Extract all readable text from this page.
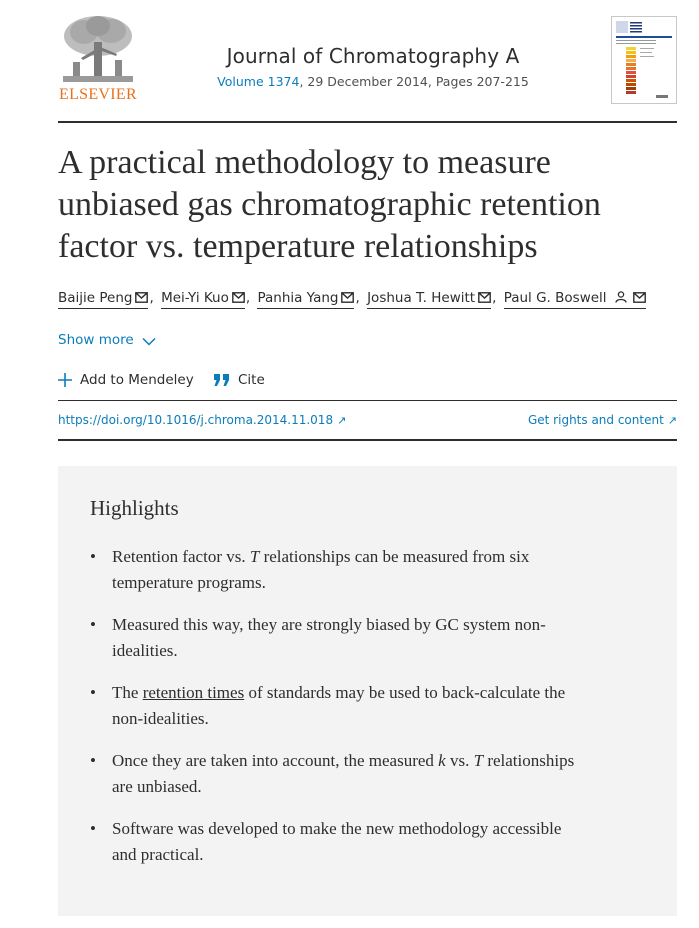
ELSEVIER
Journal of Chromatography A
Volume 1374, 29 December 2014, Pages 207-215
A practical methodology to measure unbiased gas chromatographic retention factor vs. temperature relationships
Baijie Peng , Mei-Yi Kuo , Panhia Yang , Joshua T. Hewitt , Paul G. Boswell
Show more
Add to Mendeley	Cite
https://doi.org/10.1016/j.chroma.2014.11.018 ↗	Get rights and content ↗
Highlights
• Retention factor vs. T relationships can be measured from six temperature programs.
• Measured this way, they are strongly biased by GC system non-idealities.
• The retention times of standards may be used to back-calculate the non-idealities.
• Once they are taken into account, the measured k vs. T relationships are unbiased.
• Software was developed to make the new methodology accessible and practical.
